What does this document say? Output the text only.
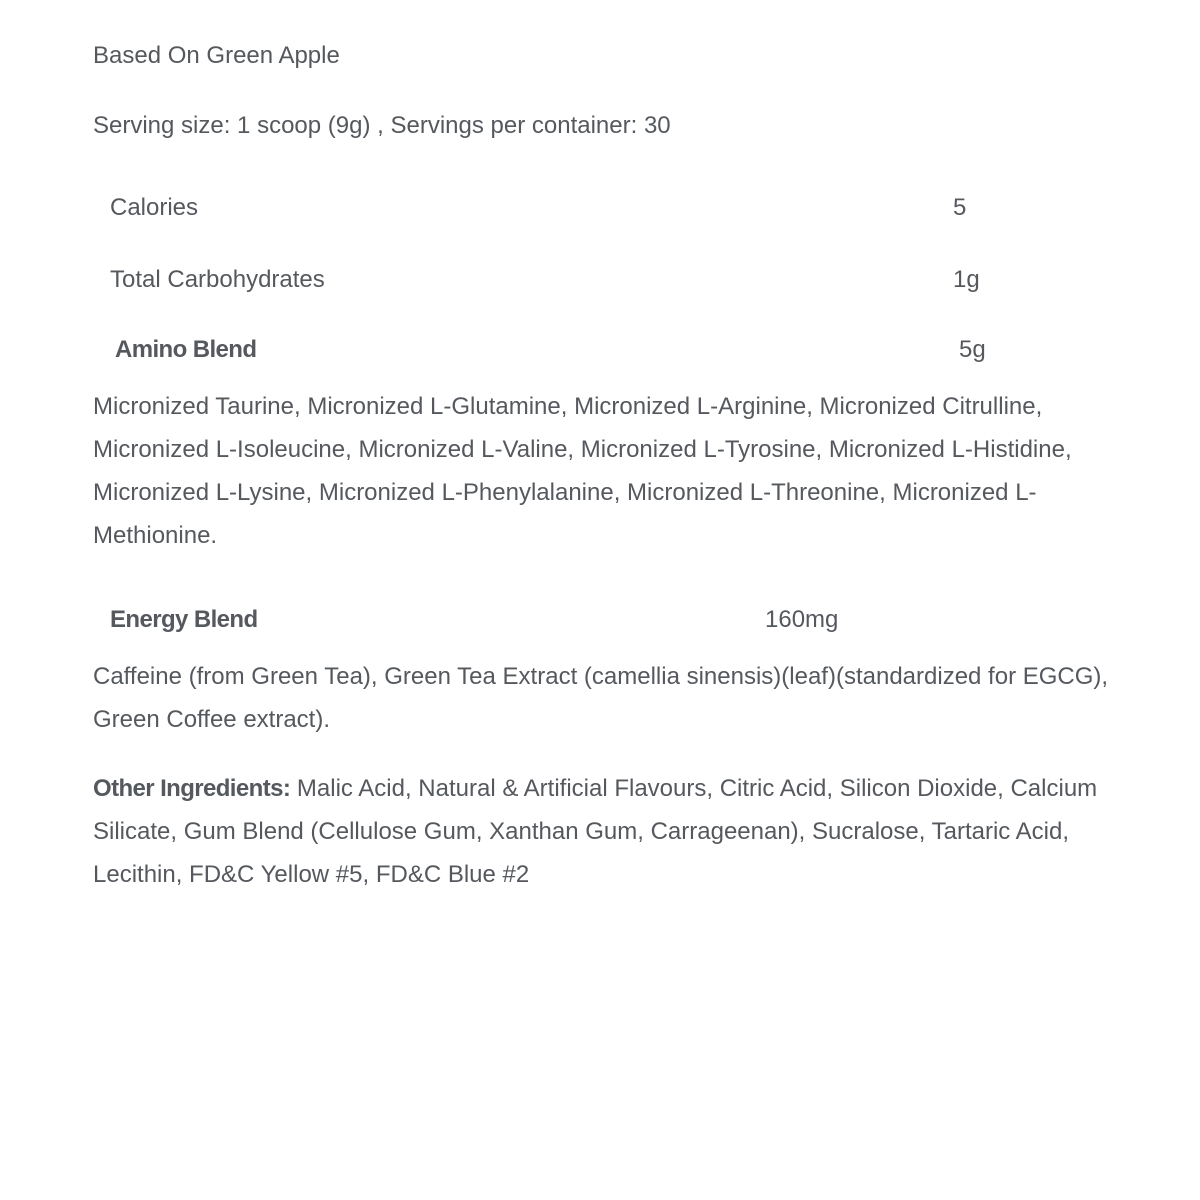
Based On Green Apple
Serving size: 1 scoop (9g) , Servings per container: 30
Calories	5
Total Carbohydrates	1g
Amino Blend	5g

Micronized Taurine, Micronized L-Glutamine, Micronized L-Arginine, Micronized Citrulline, Micronized L-Isoleucine, Micronized L-Valine, Micronized L-Tyrosine, Micronized L-Histidine, Micronized L-Lysine, Micronized L-Phenylalanine, Micronized L-Threonine, Micronized L-Methionine.

Energy Blend	160mg

Caffeine (from Green Tea), Green Tea Extract (camellia sinensis)(leaf)(standardized for EGCG), Green Coffee extract).

Other Ingredients: Malic Acid, Natural & Artificial Flavours, Citric Acid, Silicon Dioxide, Calcium Silicate, Gum Blend (Cellulose Gum, Xanthan Gum, Carrageenan), Sucralose, Tartaric Acid, Lecithin, FD&C Yellow #5, FD&C Blue #2
